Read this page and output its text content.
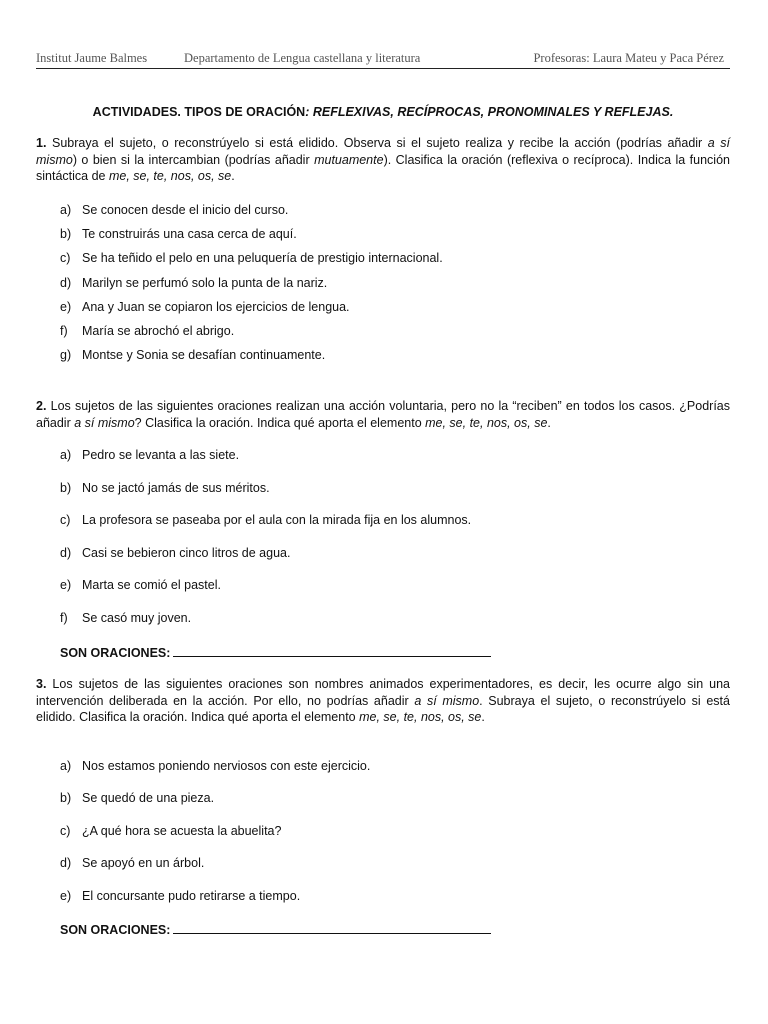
Institut Jaume Balmes	Departamento de Lengua castellana y literatura	Profesoras: Laura Mateu y Paca Pérez
ACTIVIDADES. TIPOS DE ORACIÓN: REFLEXIVAS, RECÍPROCAS, PRONOMINALES Y REFLEJAS.

1. Subraya el sujeto, o reconstrúyelo si está elidido. Observa si el sujeto realiza y recibe la acción (podrías añadir a sí mismo) o bien si la intercambian (podrías añadir mutuamente). Clasifica la oración (reflexiva o recíproca). Indica la función sintáctica de me, se, te, nos, os, se.

a) Se conocen desde el inicio del curso.
b) Te construirás una casa cerca de aquí.
c) Se ha teñido el pelo en una peluquería de prestigio internacional.
d) Marilyn se perfumó solo la punta de la nariz.
e) Ana y Juan se copiaron los ejercicios de lengua.
f) María se abrochó el abrigo.
g) Montse y Sonia se desafían continuamente.

2. Los sujetos de las siguientes oraciones realizan una acción voluntaria, pero no la “reciben” en todos los casos. ¿Podrías añadir a sí mismo? Clasifica la oración. Indica qué aporta el elemento me, se, te, nos, os, se.

a) Pedro se levanta a las siete.
b) No se jactó jamás de sus méritos.
c) La profesora se paseaba por el aula con la mirada fija en los alumnos.
d) Casi se bebieron cinco litros de agua.
e) Marta se comió el pastel.
f) Se casó muy joven.
SON ORACIONES:

3. Los sujetos de las siguientes oraciones son nombres animados experimentadores, es decir, les ocurre algo sin una intervención deliberada en la acción. Por ello, no podrías añadir a sí mismo. Subraya el sujeto, o reconstrúyelo si está elidido. Clasifica la oración. Indica qué aporta el elemento me, se, te, nos, os, se.

a) Nos estamos poniendo nerviosos con este ejercicio.
b) Se quedó de una pieza.
c) ¿A qué hora se acuesta la abuelita?
d) Se apoyó en un árbol.
e) El concursante pudo retirarse a tiempo.
SON ORACIONES:
